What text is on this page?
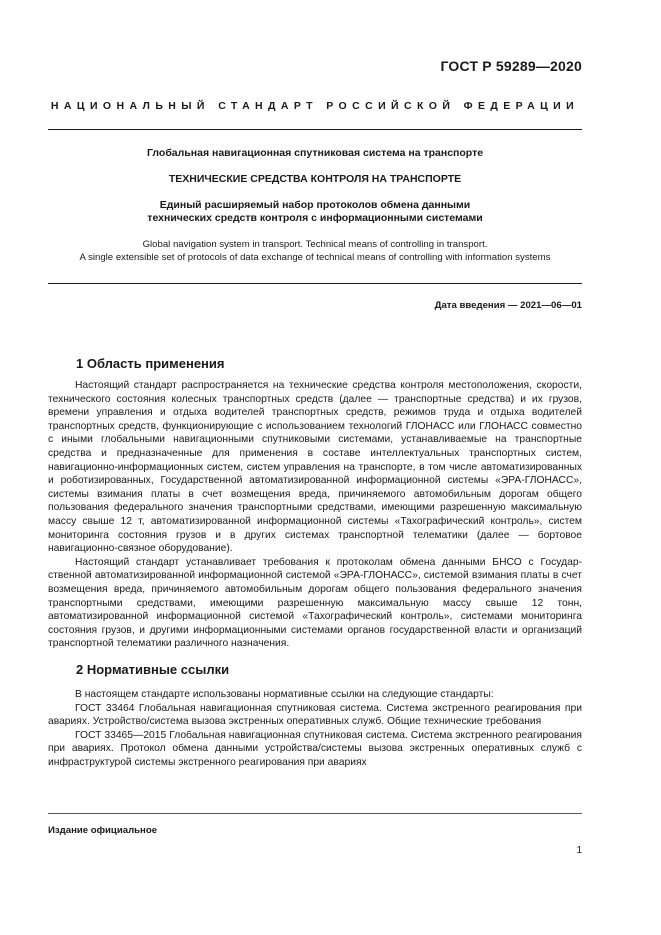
ГОСТ Р 59289—2020
НАЦИОНАЛЬНЫЙ СТАНДАРТ РОССИЙСКОЙ ФЕДЕРАЦИИ
Глобальная навигационная спутниковая система на транспорте
ТЕХНИЧЕСКИЕ СРЕДСТВА КОНТРОЛЯ НА ТРАНСПОРТЕ
Единый расширяемый набор протоколов обмена данными
технических средств контроля с информационными системами
Global navigation system in transport. Technical means of controlling in transport.
A single extensible set of protocols of data exchange of technical means of controlling with information systems
Дата введения — 2021—06—01
1 Область применения

Настоящий стандарт распространяется на технические средства контроля местоположения, скорости, технического состояния колесных транспортных средств (далее — транспортные средства) и их грузов, времени управления и отдыха водителей транспортных средств, режимов труда и отдыха водителей транспортных средств, функционирующие с использованием технологий ГЛОНАСС или ГЛОНАСС совместно с иными глобальными навигационными спутниковыми системами, устанавливаемые на транспортные средства и предназначенные для применения в составе интеллектуальных транспортных систем, навигационно-информационных систем, систем управления на транспорте, в том числе автоматизированных и роботизированных, Государственной автоматизированной информационной системы «ЭРА-ГЛОНАСС», системы взимания платы в счет возмещения вреда, причиняемого автомобильным дорогам общего пользования федерального значения транспортными средствами, имеющими разрешенную максимальную массу свыше 12 т, автоматизированной информационной системы «Тахографический контроль», систем мониторинга состояния грузов и в других системах транспортной телематики (далее — бортовое навигационно-связное оборудование).

Настоящий стандарт устанавливает требования к протоколам обмена данными БНСО с Государственной автоматизированной информационной системой «ЭРА-ГЛОНАСС», системой взимания платы в счет возмещения вреда, причиняемого автомобильным дорогам общего пользования федерального значения транспортными средствами, имеющими разрешенную максимальную массу свыше 12 тонн, автоматизированной информационной системой «Тахографический контроль», системами мониторинга состояния грузов, и другими информационными системами органов государственной власти и организаций транспортной телематики различного назначения.

2 Нормативные ссылки

В настоящем стандарте использованы нормативные ссылки на следующие стандарты:

ГОСТ 33464 Глобальная навигационная спутниковая система. Система экстренного реагирования при авариях. Устройство/система вызова экстренных оперативных служб. Общие технические требования

ГОСТ 33465—2015 Глобальная навигационная спутниковая система. Система экстренного реагирования при авариях. Протокол обмена данными устройства/системы вызова экстренных оперативных служб с инфраструктурой системы экстренного реагирования при авариях

Издание официальное
1
